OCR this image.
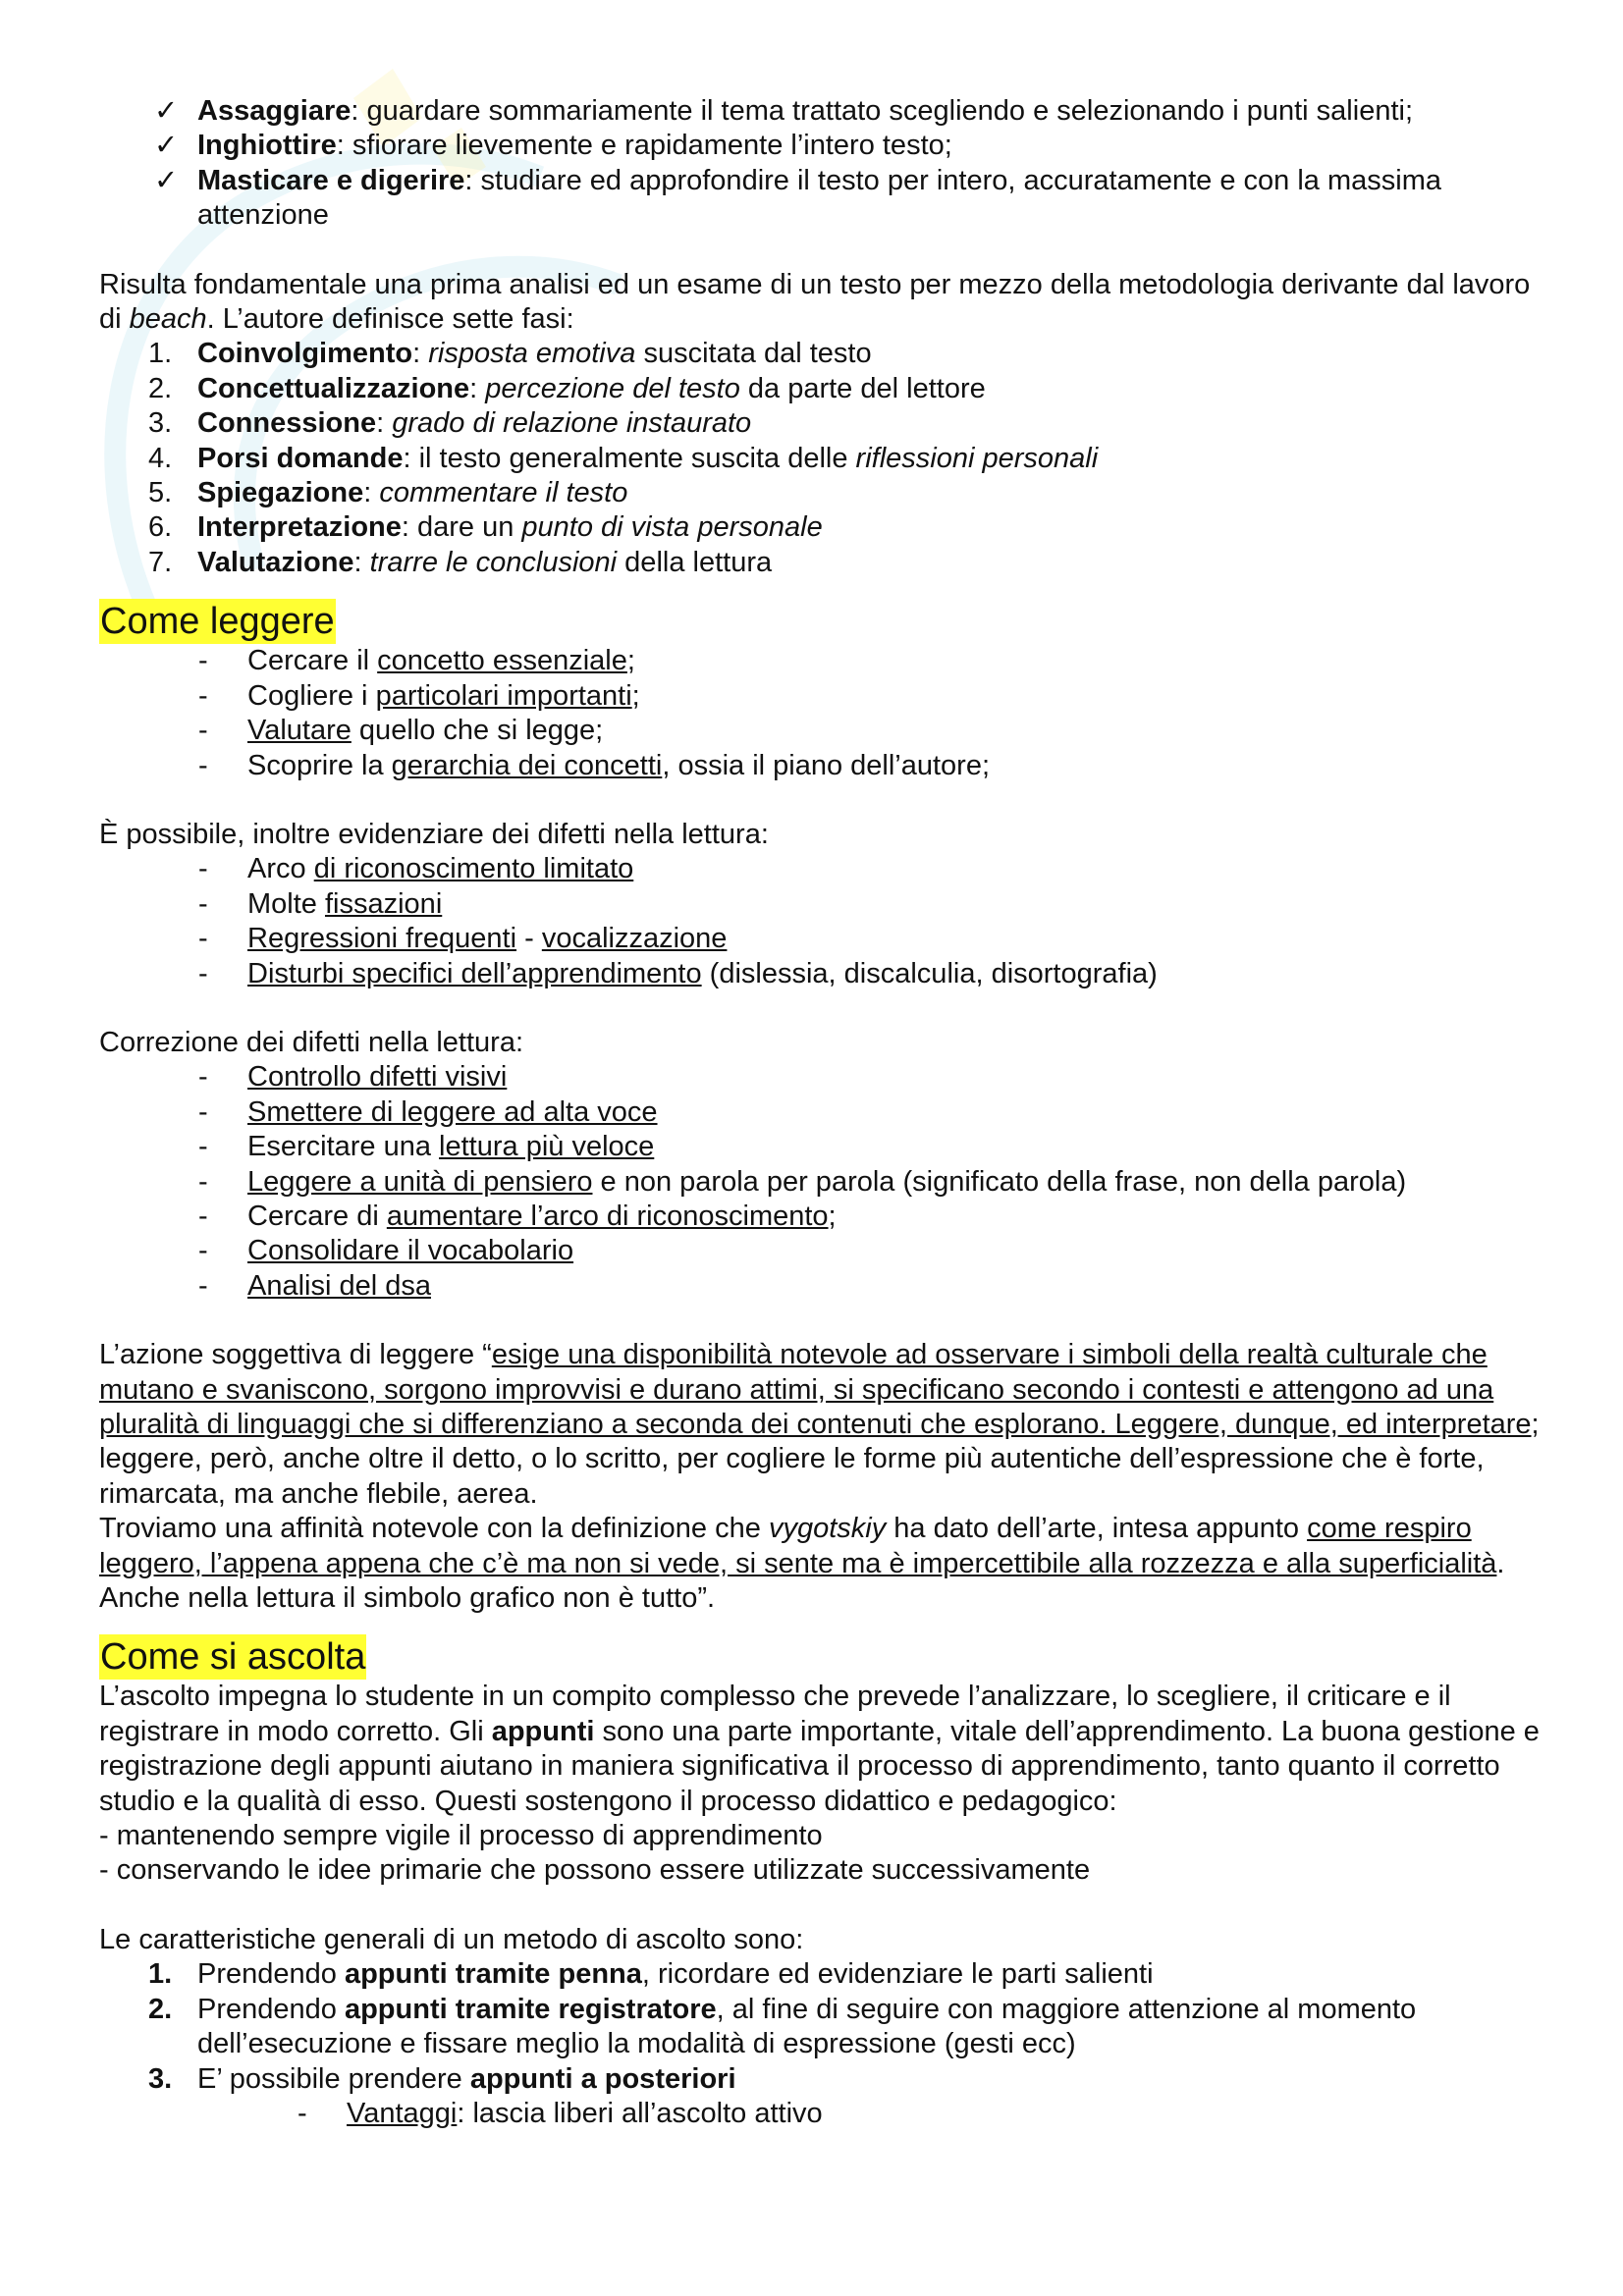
✓ Assaggiare: guardare sommariamente il tema trattato scegliendo e selezionando i punti salienti;
✓ Inghiottire: sfiorare lievemente e rapidamente l’intero testo;
✓ Masticare e digerire: studiare ed approfondire il testo per intero, accuratamente e con la massima attenzione

Risulta fondamentale una prima analisi ed un esame di un testo per mezzo della metodologia derivante dal lavoro di beach. L’autore definisce sette fasi:

1. Coinvolgimento: risposta emotiva suscitata dal testo
2. Concettualizzazione: percezione del testo da parte del lettore
3. Connessione: grado di relazione instaurato
4. Porsi domande: il testo generalmente suscita delle riflessioni personali
5. Spiegazione: commentare il testo
6. Interpretazione: dare un punto di vista personale
7. Valutazione: trarre le conclusioni della lettura
Come leggere
- Cercare il concetto essenziale;
- Cogliere i particolari importanti;
- Valutare quello che si legge;
- Scoprire la gerarchia dei concetti, ossia il piano dell’autore;

È possibile, inoltre evidenziare dei difetti nella lettura:

- Arco di riconoscimento limitato
- Molte fissazioni
- Regressioni frequenti - vocalizzazione
- Disturbi specifici dell’apprendimento (dislessia, discalculia, disortografia)

Correzione dei difetti nella lettura:

- Controllo difetti visivi
- Smettere di leggere ad alta voce
- Esercitare una lettura più veloce
- Leggere a unità di pensiero e non parola per parola (significato della frase, non della parola)
- Cercare di aumentare l’arco di riconoscimento;
- Consolidare il vocabolario
- Analisi del dsa

L’azione soggettiva di leggere “esige una disponibilità notevole ad osservare i simboli della realtà culturale che mutano e svaniscono, sorgono improvvisi e durano attimi, si specificano secondo i contesti e attengono ad una pluralità di linguaggi che si differenziano a seconda dei contenuti che esplorano. Leggere, dunque, ed interpretare; leggere, però, anche oltre il detto, o lo scritto, per cogliere le forme più autentiche dell’espressione che è forte, rimarcata, ma anche flebile, aerea.

Troviamo una affinità notevole con la definizione che vygotskiy ha dato dell’arte, intesa appunto come respiro leggero, l’appena appena che c’è ma non si vede, si sente ma è impercettibile alla rozzezza e alla superficialità. Anche nella lettura il simbolo grafico non è tutto”.

Come si ascolta

L’ascolto impegna lo studente in un compito complesso che prevede l’analizzare, lo scegliere, il criticare e il registrare in modo corretto. Gli appunti sono una parte importante, vitale dell’apprendimento. La buona gestione e registrazione degli appunti aiutano in maniera significativa il processo di apprendimento, tanto quanto il corretto studio e la qualità di esso. Questi sostengono il processo didattico e pedagogico:

- mantenendo sempre vigile il processo di apprendimento

- conservando le idee primarie che possono essere utilizzate successivamente

Le caratteristiche generali di un metodo di ascolto sono:

1. Prendendo appunti tramite penna, ricordare ed evidenziare le parti salienti
2. Prendendo appunti tramite registratore, al fine di seguire con maggiore attenzione al momento dell’esecuzione e fissare meglio la modalità di espressione (gesti ecc)
3. E’ possibile prendere appunti a posteriori
- Vantaggi: lascia liberi all’ascolto attivo
